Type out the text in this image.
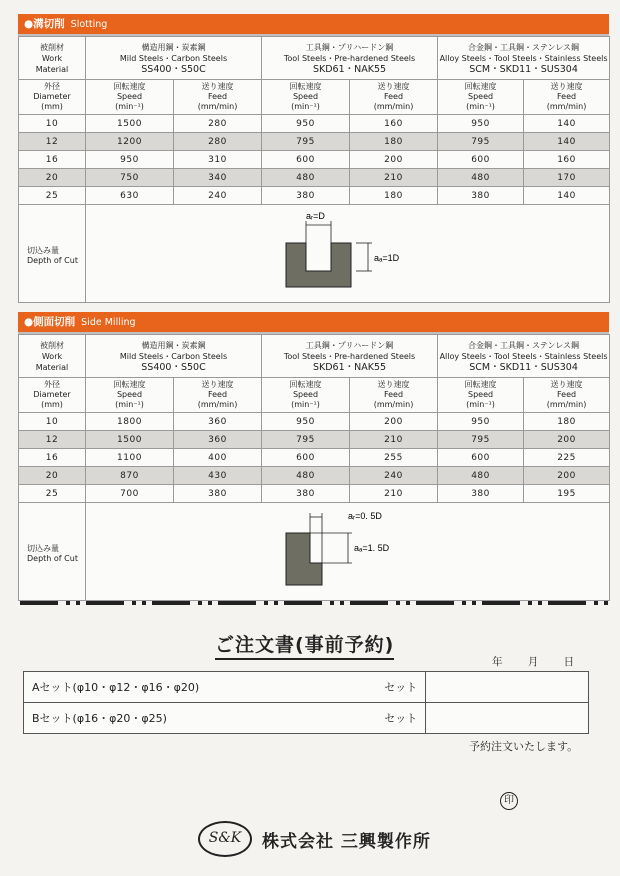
●溝切削 Slotting
被削材
Work
Material	構造用鋼・炭素鋼
Mild Steels・Carbon Steels
SS400・S50C		工具鋼・プリハードン鋼
Tool Steels・Pre-hardened Steels
SKD61・NAK55		合金鋼・工具鋼・ステンレス鋼
Alloy Steels・Tool Steels・Stainless Steels
SCM・SKD11・SUS304	
外径
Diameter
(mm)	回転速度
Speed
(min⁻¹)	送り速度
Feed
(mm/min)	回転速度
Speed
(min⁻¹)	送り速度
Feed
(mm/min)	回転速度
Speed
(min⁻¹)	送り速度
Feed
(mm/min)
10	1500	280	950	160	950	140
12	1200	280	795	180	795	140
16	950	310	600	200	600	160
20	750	340	480	210	480	170
25	630	240	380	180	380	140
切込み量
Depth of Cut	aᵣ=D
aₐ=1D					
●側面切削 Side Milling
被削材
Work
Material	構造用鋼・炭素鋼
Mild Steels・Carbon Steels
SS400・S50C		工具鋼・プリハードン鋼
Tool Steels・Pre-hardened Steels
SKD61・NAK55		合金鋼・工具鋼・ステンレス鋼
Alloy Steels・Tool Steels・Stainless Steels
SCM・SKD11・SUS304	
外径
Diameter
(mm)	回転速度
Speed
(min⁻¹)	送り速度
Feed
(mm/min)	回転速度
Speed
(min⁻¹)	送り速度
Feed
(mm/min)	回転速度
Speed
(min⁻¹)	送り速度
Feed
(mm/min)
10	1800	360	950	200	950	180
12	1500	360	795	210	795	200
16	1100	400	600	255	600	225
20	870	430	480	240	480	200
25	700	380	380	210	380	195
切込み量
Depth of Cut	aᵣ=0. 5D
aₐ=1. 5D					
ご注文書(事前予約)
年 月 日
Aセット(φ10・φ12・φ16・φ20) セット	

Bセット(φ16・φ20・φ25) セット	

予約注文いたします。
印
S&K	株式会社 三興製作所
